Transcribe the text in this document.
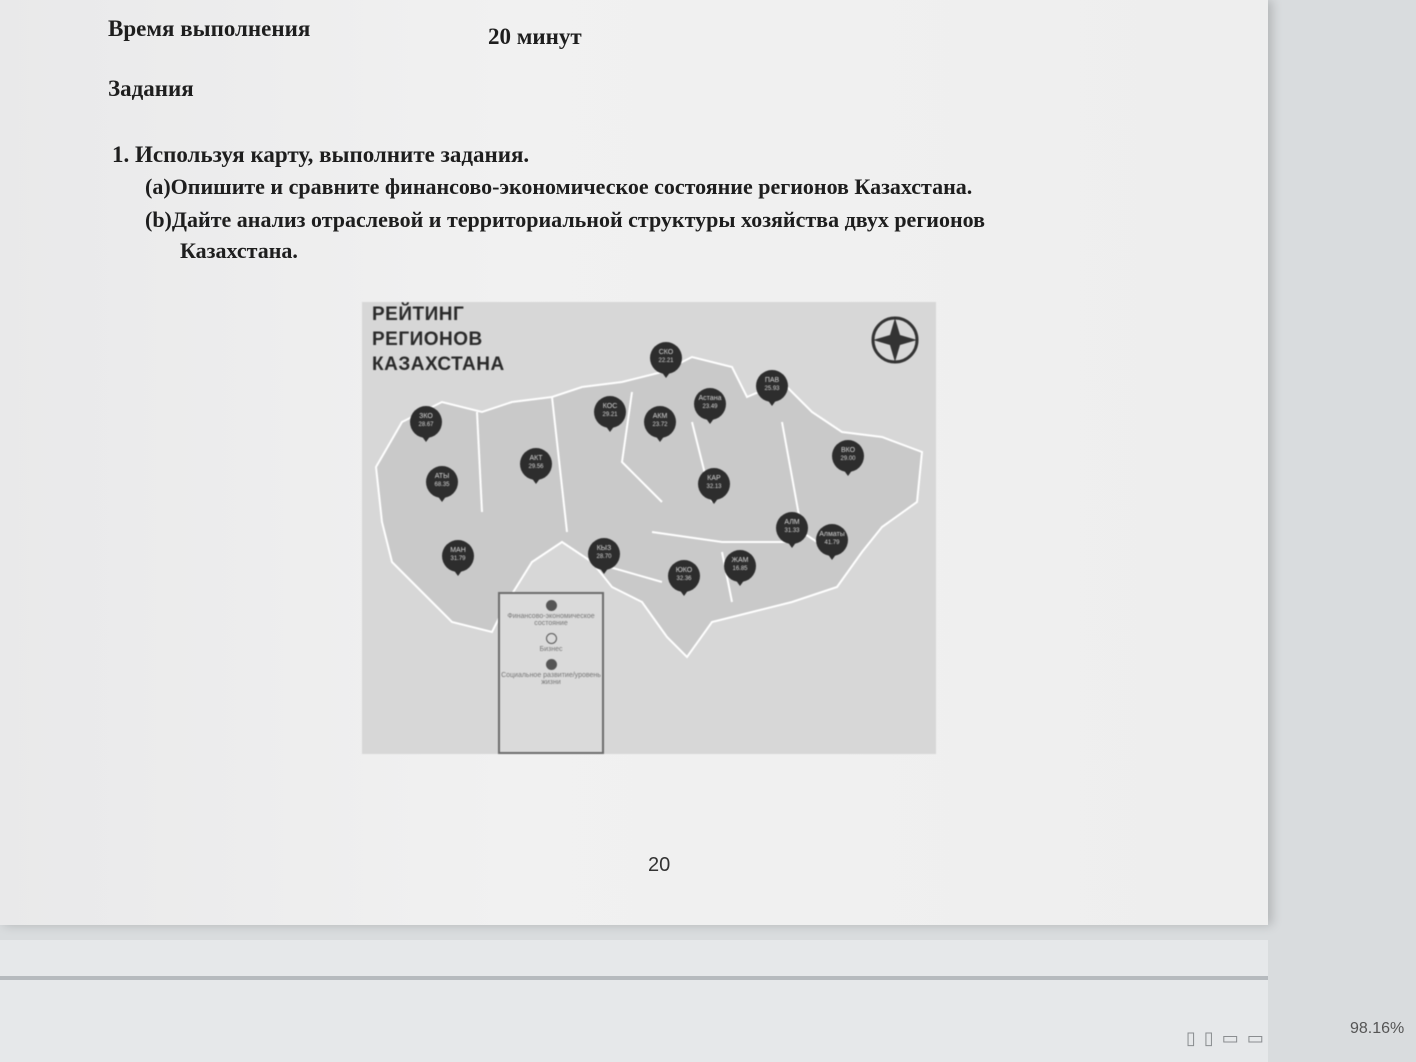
Время выполнения	20 минут
Задания
1. Используя карту, выполните задания.
(a)Опишите и сравните финансово-экономическое состояние регионов Казахстана.
(b)Дайте анализ отраслевой и территориальной структуры хозяйства двух регионов
Казахстана.
РЕЙТИНГ
РЕГИОНОВ
КАЗАХСТАНА
ЗКО
28.67
АТЫ
68.35
АКТ
29.56
МАН
31.79
КОС
29.21	АКМ
23.72
СКО
22.21
Астана
23.49
ПАВ
25.93
КАР
32.13
ВКО
29.00
КЫЗ
28.70
ЮКО
32.36
ЖАМ
16.85
АЛМ
31.33	Алматы
41.79
Финансово-экономическое состояние
Бизнес
Социальное развитие/уровень жизни
20
▯▯▭▭	98.16%
